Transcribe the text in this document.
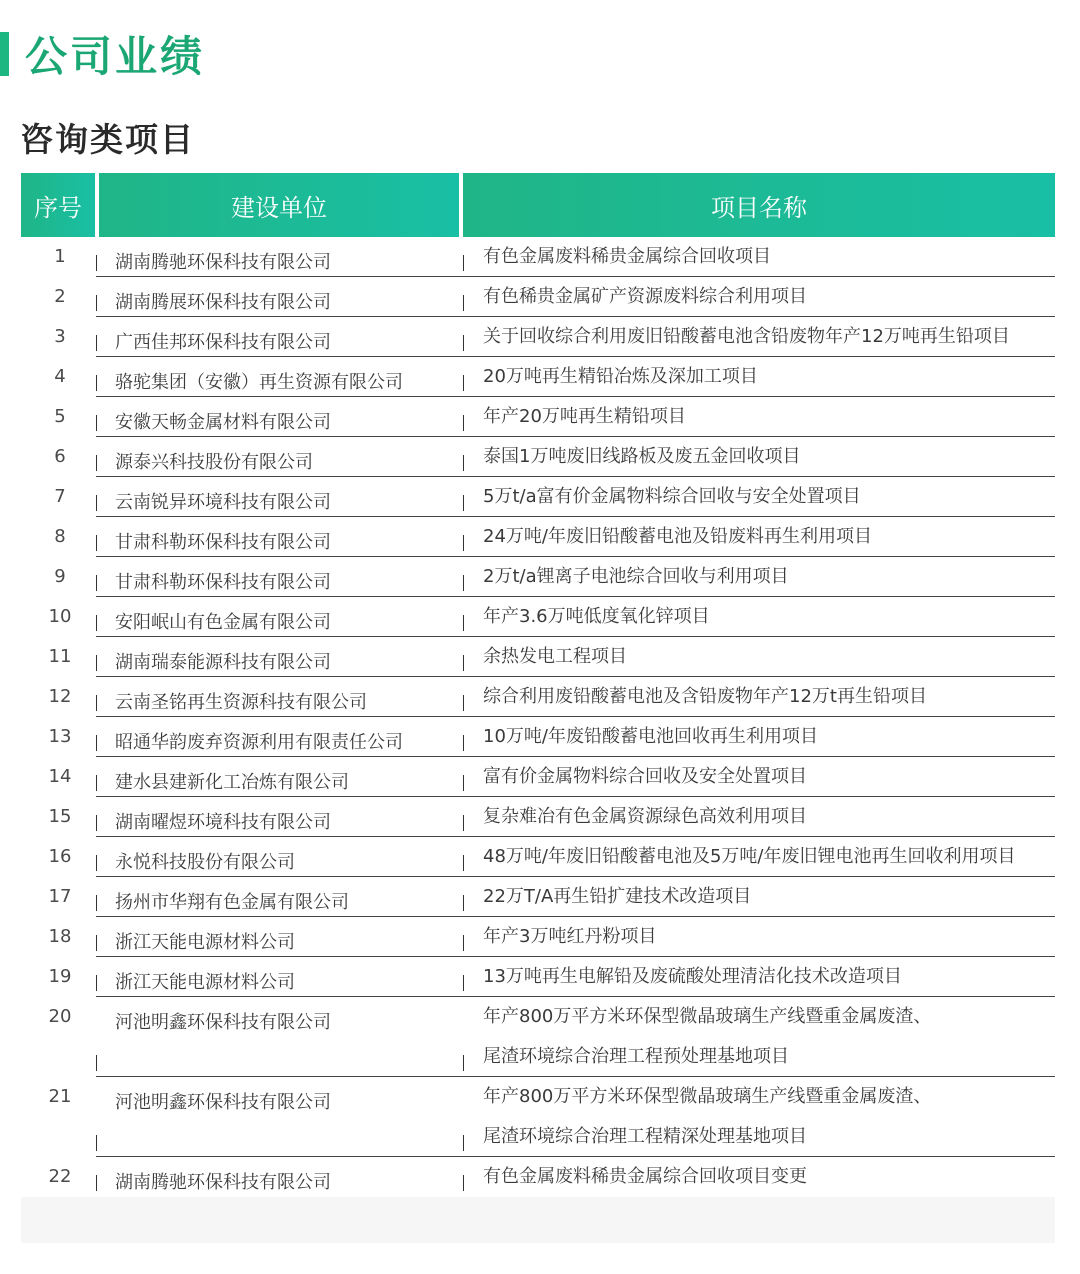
公司业绩
咨询类项目
序号	建设单位	项目名称
1	湖南腾驰环保科技有限公司	有色金属废料稀贵金属综合回收项目
2	湖南腾展环保科技有限公司	有色稀贵金属矿产资源废料综合利用项目
3	广西佳邦环保科技有限公司	关于回收综合利用废旧铅酸蓄电池含铅废物年产12万吨再生铅项目
4	骆驼集团（安徽）再生资源有限公司	20万吨再生精铅冶炼及深加工项目
5	安徽天畅金属材料有限公司	年产20万吨再生精铅项目
6	源泰兴科技股份有限公司	泰国1万吨废旧线路板及废五金回收项目
7	云南锐异环境科技有限公司	5万t/a富有价金属物料综合回收与安全处置项目
8	甘肃科勒环保科技有限公司	24万吨/年废旧铅酸蓄电池及铅废料再生利用项目
9	甘肃科勒环保科技有限公司	2万t/a锂离子电池综合回收与利用项目
10	安阳岷山有色金属有限公司	年产3.6万吨低度氧化锌项目
11	湖南瑞泰能源科技有限公司	余热发电工程项目
12	云南圣铭再生资源科技有限公司	综合利用废铅酸蓄电池及含铅废物年产12万t再生铅项目
13	昭通华韵废弃资源利用有限责任公司	10万吨/年废铅酸蓄电池回收再生利用项目
14	建水县建新化工冶炼有限公司	富有价金属物料综合回收及安全处置项目
15	湖南曜煜环境科技有限公司	复杂难冶有色金属资源绿色高效利用项目
16	永悦科技股份有限公司	48万吨/年废旧铅酸蓄电池及5万吨/年废旧锂电池再生回收利用项目
17	扬州市华翔有色金属有限公司	22万T/A再生铅扩建技术改造项目
18	浙江天能电源材料公司	年产3万吨红丹粉项目
19	浙江天能电源材料公司	13万吨再生电解铅及废硫酸处理清洁化技术改造项目
20	河池明鑫环保科技有限公司	年产800万平方米环保型微晶玻璃生产线暨重金属废渣、
尾渣环境综合治理工程预处理基地项目
21	河池明鑫环保科技有限公司	年产800万平方米环保型微晶玻璃生产线暨重金属废渣、
尾渣环境综合治理工程精深处理基地项目
22	湖南腾驰环保科技有限公司	有色金属废料稀贵金属综合回收项目变更
